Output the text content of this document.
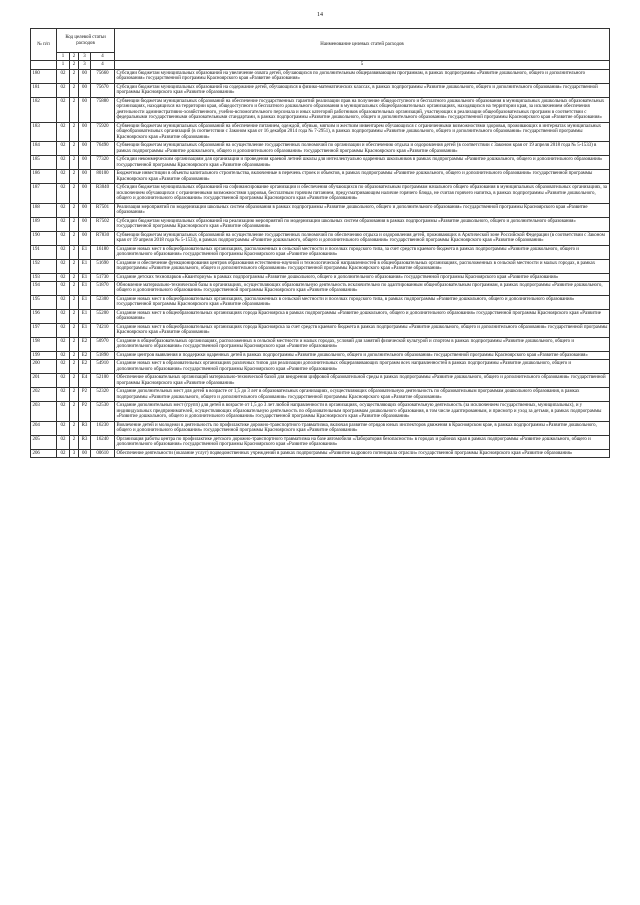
14
№ п/п	Код целевой статьи расходов				Наименование целевых статей расходов
	1	2	3	4	
	1	2	3	4	5
180	02	2	00	75660	Субсидии бюджетам муниципальных образований на увеличение охвата детей, обучающихся по дополнительным общеразвивающим программам, в рамках подпрограммы «Развитие дошкольного, общего и дополнительного образования» государственной программы Красноярского края «Развитие образования»
181	02	2	00	75670	Субсидии бюджетам муниципальных образований на содержание детей, обучающихся в физико-математических классах, в рамках подпрограммы «Развитие дошкольного, общего и дополнительного образования» государственной программы Красноярского края «Развитие образования»
182	02	2	00	75880	Субвенции бюджетам муниципальных образований на обеспечение государственных гарантий реализации прав на получение общедоступного и бесплатного дошкольного образования в муниципальных дошкольных образовательных организациях, находящихся на территории края, общедоступного и бесплатного дошкольного образования в муниципальных общеобразовательных организациях, находящихся на территории края, за исключением обеспечения деятельности административно-хозяйственного, учебно-вспомогательного персонала и иных категорий работников образовательных организаций, участвующих в реализации общеобразовательных программ в соответствии с федеральными государственными образовательными стандартами, в рамках подпрограммы «Развитие дошкольного, общего и дополнительного образования» государственной программы Красноярского края «Развитие образования»
183	02	2	00	75920	Субвенции бюджетам муниципальных образований на обеспечение питанием, одеждой, обувью, мягким и жестким инвентарем обучающихся с ограниченными возможностями здоровья, проживающих в интернатах муниципальных общеобразовательных организаций (в соответствии с Законом края от 16 декабря 2014 года № 7-2951), в рамках подпрограммы «Развитие дошкольного, общего и дополнительного образования» государственной программы Красноярского края «Развитие образования»
184	02	2	00	76490	Субвенции бюджетам муниципальных образований на осуществление государственных полномочий по организации и обеспечению отдыха и оздоровления детей (в соответствии с Законом края от 19 апреля 2018 года № 5-1533) в рамках подпрограммы «Развитие дошкольного, общего и дополнительного образования» государственной программы Красноярского края «Развитие образования»
185	02	2	00	77320	Субсидии некоммерческим организациям для организации и проведения краевой летней школы для интеллектуально одаренных школьников в рамках подпрограммы «Развитие дошкольного, общего и дополнительного образования» государственной программы Красноярского края «Развитие образования»
186	02	2	00	80100	Бюджетные инвестиции в объекты капитального строительства, включенные в перечень строек и объектов, в рамках подпрограммы «Развитие дошкольного, общего и дополнительного образования» государственной программы Красноярского края «Развитие образования»
187	02	2	00	R3040	Субсидии бюджетам муниципальных образований на софинансирование организации и обеспечения обучающихся по образовательным программам начального общего образования в муниципальных образовательных организациях, за исключением обучающихся с ограниченными возможностями здоровья, бесплатным горячим питанием, предусматривающим наличие горячего блюда, не считая горячего напитка, в рамках подпрограммы «Развитие дошкольного, общего и дополнительного образования» государственной программы Красноярского края «Развитие образования»
188	02	2	00	R7501	Реализация мероприятий по модернизации школьных систем образования в рамках подпрограммы «Развитие дошкольного, общего и дополнительного образования» государственной программы Красноярского края «Развитие образования»
189	02	2	00	R7502	Субсидии бюджетам муниципальных образований на реализацию мероприятий по модернизации школьных систем образования в рамках подпрограммы «Развитие дошкольного, общего и дополнительного образования» государственной программы Красноярского края «Развитие образования»
190	02	2	00	R7830	Субвенции бюджетам муниципальных образований на осуществление государственных полномочий по обеспечению отдыха и оздоровления детей, проживающих в Арктической зоне Российской Федерации (в соответствии с Законом края от 19 апреля 2018 года № 5-1533), в рамках подпрограммы «Развитие дошкольного, общего и дополнительного образования» государственной программы Красноярского края «Развитие образования»
191	02	2	E1	16180	Создание новых мест в общеобразовательных организациях, расположенных в сельской местности и поселках городского типа, за счет средств краевого бюджета в рамках подпрограммы «Развитие дошкольного, общего и дополнительного образования» государственной программы Красноярского края «Развитие образования»
192	02	2	E1	51690	Создание и обеспечение функционирования центров образования естественно-научной и технологической направленностей в общеобразовательных организациях, расположенных в сельской местности и малых городах, в рамках подпрограммы «Развитие дошкольного, общего и дополнительного образования» государственной программы Красноярского края «Развитие образования»
193	02	2	E1	51730	Создание детских технопарков «Кванториум» в рамках подпрограммы «Развитие дошкольного, общего и дополнительного образования» государственной программы Красноярского края «Развитие образования»
194	02	2	E1	51870	Обновление материально-технической базы в организациях, осуществляющих образовательную деятельность исключительно по адаптированным общеобразовательным программам, в рамках подпрограммы «Развитие дошкольного, общего и дополнительного образования» государственной программы Красноярского края «Развитие образования»
195	02	2	E1	52300	Создание новых мест в общеобразовательных организациях, расположенных в сельской местности и поселках городского типа, в рамках подпрограммы «Развитие дошкольного, общего и дополнительного образования» государственной программы Красноярского края «Развитие образования»
196	02	2	E1	55200	Создание новых мест в общеобразовательных организациях города Красноярска в рамках подпрограммы «Развитие дошкольного, общего и дополнительного образования» государственной программы Красноярского края «Развитие образования»
197	02	2	E1	74210	Создание новых мест в общеобразовательных организациях города Красноярска за счет средств краевого бюджета в рамках подпрограммы «Развитие дошкольного, общего и дополнительного образования» государственной программы Красноярского края «Развитие образования»
198	02	2	E2	50970	Создание в общеобразовательных организациях, расположенных в сельской местности и малых городах, условий для занятий физической культурой и спортом в рамках подпрограммы «Развитие дошкольного, общего и дополнительного образования» государственной программы Красноярского края «Развитие образования»
199	02	2	E2	51890	Создание центров выявления и поддержки одаренных детей в рамках подпрограммы «Развитие дошкольного, общего и дополнительного образования» государственной программы Красноярского края «Развитие образования»
200	02	2	E2	54910	Создание новых мест в образовательных организациях различных типов для реализации дополнительных общеразвивающих программ всех направленностей в рамках подпрограммы «Развитие дошкольного, общего и дополнительного образования» государственной программы Красноярского края «Развитие образования»
201	02	2	E4	52100	Обеспечение образовательных организаций материально-технической базой для внедрения цифровой образовательной среды в рамках подпрограммы «Развитие дошкольного, общего и дополнительного образования» государственной программы Красноярского края «Развитие образования»
202	02	2	P2	52320	Создание дополнительных мест для детей в возрасте от 1,5 до 3 лет в образовательных организациях, осуществляющих образовательную деятельность по образовательным программам дошкольного образования, в рамках подпрограммы «Развитие дошкольного, общего и дополнительного образования» государственной программы Красноярского края «Развитие образования»
203	02	2	P2	52530	Создание дополнительных мест (групп) для детей в возрасте от 1,5 до 3 лет любой направленности в организациях, осуществляющих образовательную деятельность (за исключением государственных, муниципальных), и у индивидуальных предпринимателей, осуществляющих образовательную деятельность по образовательным программам дошкольного образования, в том числе адаптированным, и присмотр и уход за детьми, в рамках подпрограммы «Развитие дошкольного, общего и дополнительного образования» государственной программы Красноярского края «Развитие образования»
204	02	2	R3	16230	Вовлечение детей и молодежи в деятельность по профилактике дорожно-транспортного травматизма, включая развитие отрядов юных инспекторов движения в Красноярском крае, в рамках подпрограммы «Развитие дошкольного, общего и дополнительного образования» государственной программы Красноярского края «Развитие образования»
205	02	2	R3	16240	Организация работы центра по профилактике детского дорожно-транспортного травматизма на базе автомобиля «Лаборатория безопасности» в городах и районах края в рамках подпрограммы «Развитие дошкольного, общего и дополнительного образования» государственной программы Красноярского края «Развитие образования»
206	02	3	00	00610	Обеспечение деятельности (оказание услуг) подведомственных учреждений в рамках подпрограммы «Развитие кадрового потенциала отрасли» государственной программы Красноярского края «Развитие образования»
